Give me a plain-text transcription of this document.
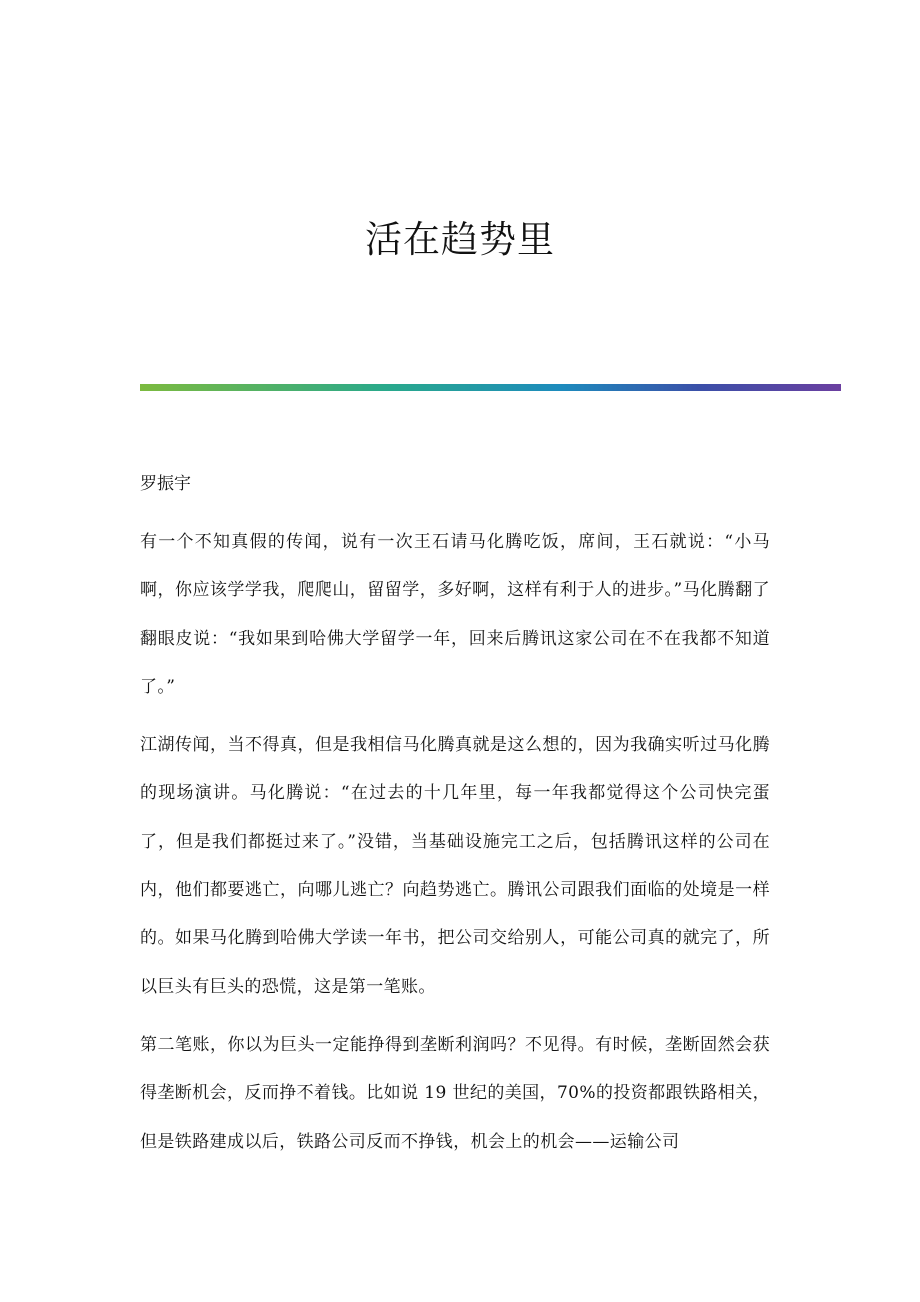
活在趋势里

罗振宇

有一个不知真假的传闻，说有一次王石请马化腾吃饭，席间，王石就说：“小马啊，你应该学学我，爬爬山，留留学，多好啊，这样有利于人的进步。”马化腾翻了翻眼皮说：“我如果到哈佛大学留学一年，回来后腾讯这家公司在不在我都不知道了。”

江湖传闻，当不得真，但是我相信马化腾真就是这么想的，因为我确实听过马化腾的现场演讲。马化腾说：“在过去的十几年里，每一年我都觉得这个公司快完蛋了，但是我们都挺过来了。”没错，当基础设施完工之后，包括腾讯这样的公司在内，他们都要逃亡，向哪儿逃亡？向趋势逃亡。腾讯公司跟我们面临的处境是一样的。如果马化腾到哈佛大学读一年书，把公司交给别人，可能公司真的就完了，所以巨头有巨头的恐慌，这是第一笔账。

第二笔账，你以为巨头一定能挣得到垄断利润吗？不见得。有时候，垄断固然会获得垄断机会，反而挣不着钱。比如说 19 世纪的美国，70%的投资都跟铁路相关，但是铁路建成以后，铁路公司反而不挣钱，机会上的机会——运输公司
